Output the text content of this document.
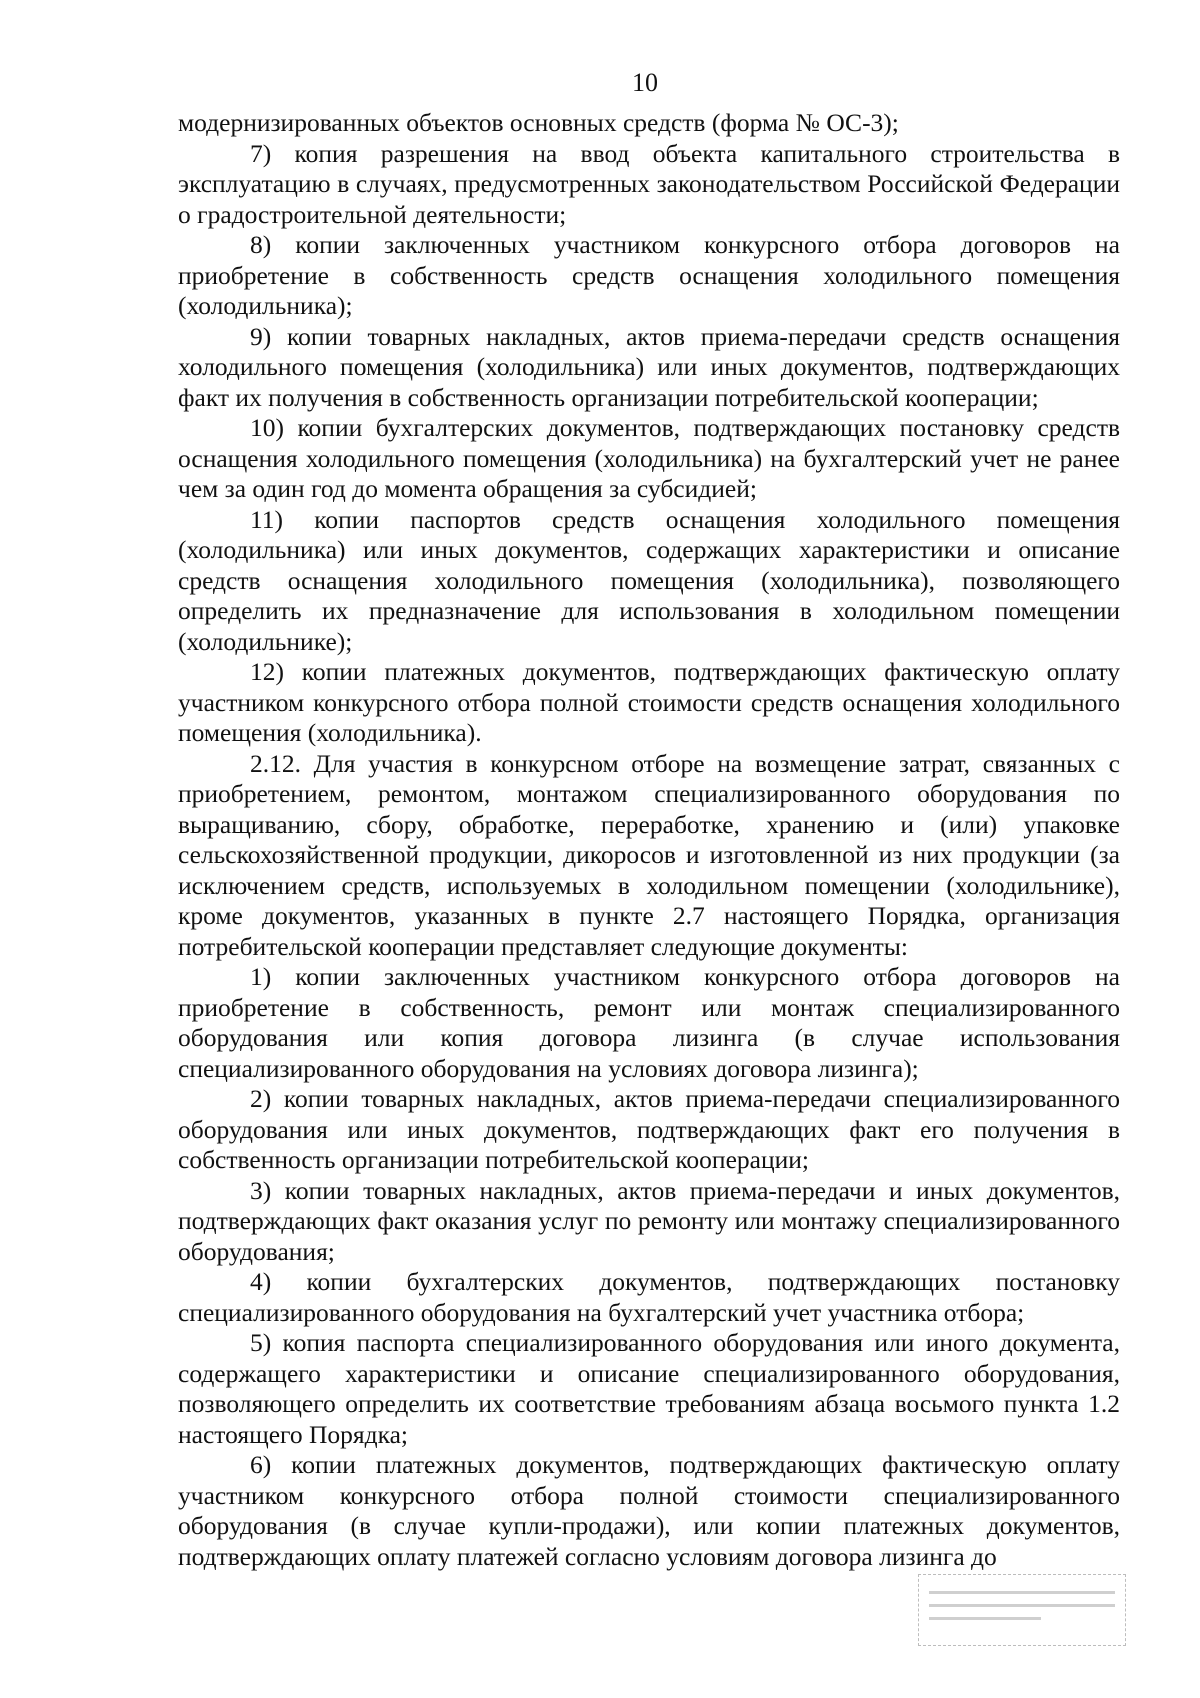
10

модернизированных объектов основных средств (форма № ОС-3);

7) копия разрешения на ввод объекта капитального строительства в эксплуатацию в случаях, предусмотренных законодательством Российской Федерации о градостроительной деятельности;

8) копии заключенных участником конкурсного отбора договоров на приобретение в собственность средств оснащения холодильного помещения (холодильника);

9) копии товарных накладных, актов приема-передачи средств оснащения холодильного помещения (холодильника) или иных документов, подтверждающих факт их получения в собственность организации потребительской кооперации;

10) копии бухгалтерских документов, подтверждающих постановку средств оснащения холодильного помещения (холодильника) на бухгалтерский учет не ранее чем за один год до момента обращения за субсидией;

11) копии паспортов средств оснащения холодильного помещения (холодильника) или иных документов, содержащих характеристики и описание средств оснащения холодильного помещения (холодильника), позволяющего определить их предназначение для использования в холодильном помещении (холодильнике);

12) копии платежных документов, подтверждающих фактическую оплату участником конкурсного отбора полной стоимости средств оснащения холодильного помещения (холодильника).

2.12. Для участия в конкурсном отборе на возмещение затрат, связанных с приобретением, ремонтом, монтажом специализированного оборудования по выращиванию, сбору, обработке, переработке, хранению и (или) упаковке сельскохозяйственной продукции, дикоросов и изготовленной из них продукции (за исключением средств, используемых в холодильном помещении (холодильнике), кроме документов, указанных в пункте 2.7 настоящего Порядка, организация потребительской кооперации представляет следующие документы:

1) копии заключенных участником конкурсного отбора договоров на приобретение в собственность, ремонт или монтаж специализированного оборудования или копия договора лизинга (в случае использования специализированного оборудования на условиях договора лизинга);

2) копии товарных накладных, актов приема-передачи специализированного оборудования или иных документов, подтверждающих факт его получения в собственность организации потребительской кооперации;

3) копии товарных накладных, актов приема-передачи и иных документов, подтверждающих факт оказания услуг по ремонту или монтажу специализированного оборудования;

4) копии бухгалтерских документов, подтверждающих постановку специализированного оборудования на бухгалтерский учет участника отбора;

5) копия паспорта специализированного оборудования или иного документа, содержащего характеристики и описание специализированного оборудования, позволяющего определить их соответствие требованиям абзаца восьмого пункта 1.2 настоящего Порядка;

6) копии платежных документов, подтверждающих фактическую оплату участником конкурсного отбора полной стоимости специализированного оборудования (в случае купли-продажи), или копии платежных документов, подтверждающих оплату платежей согласно условиям договора лизинга до
